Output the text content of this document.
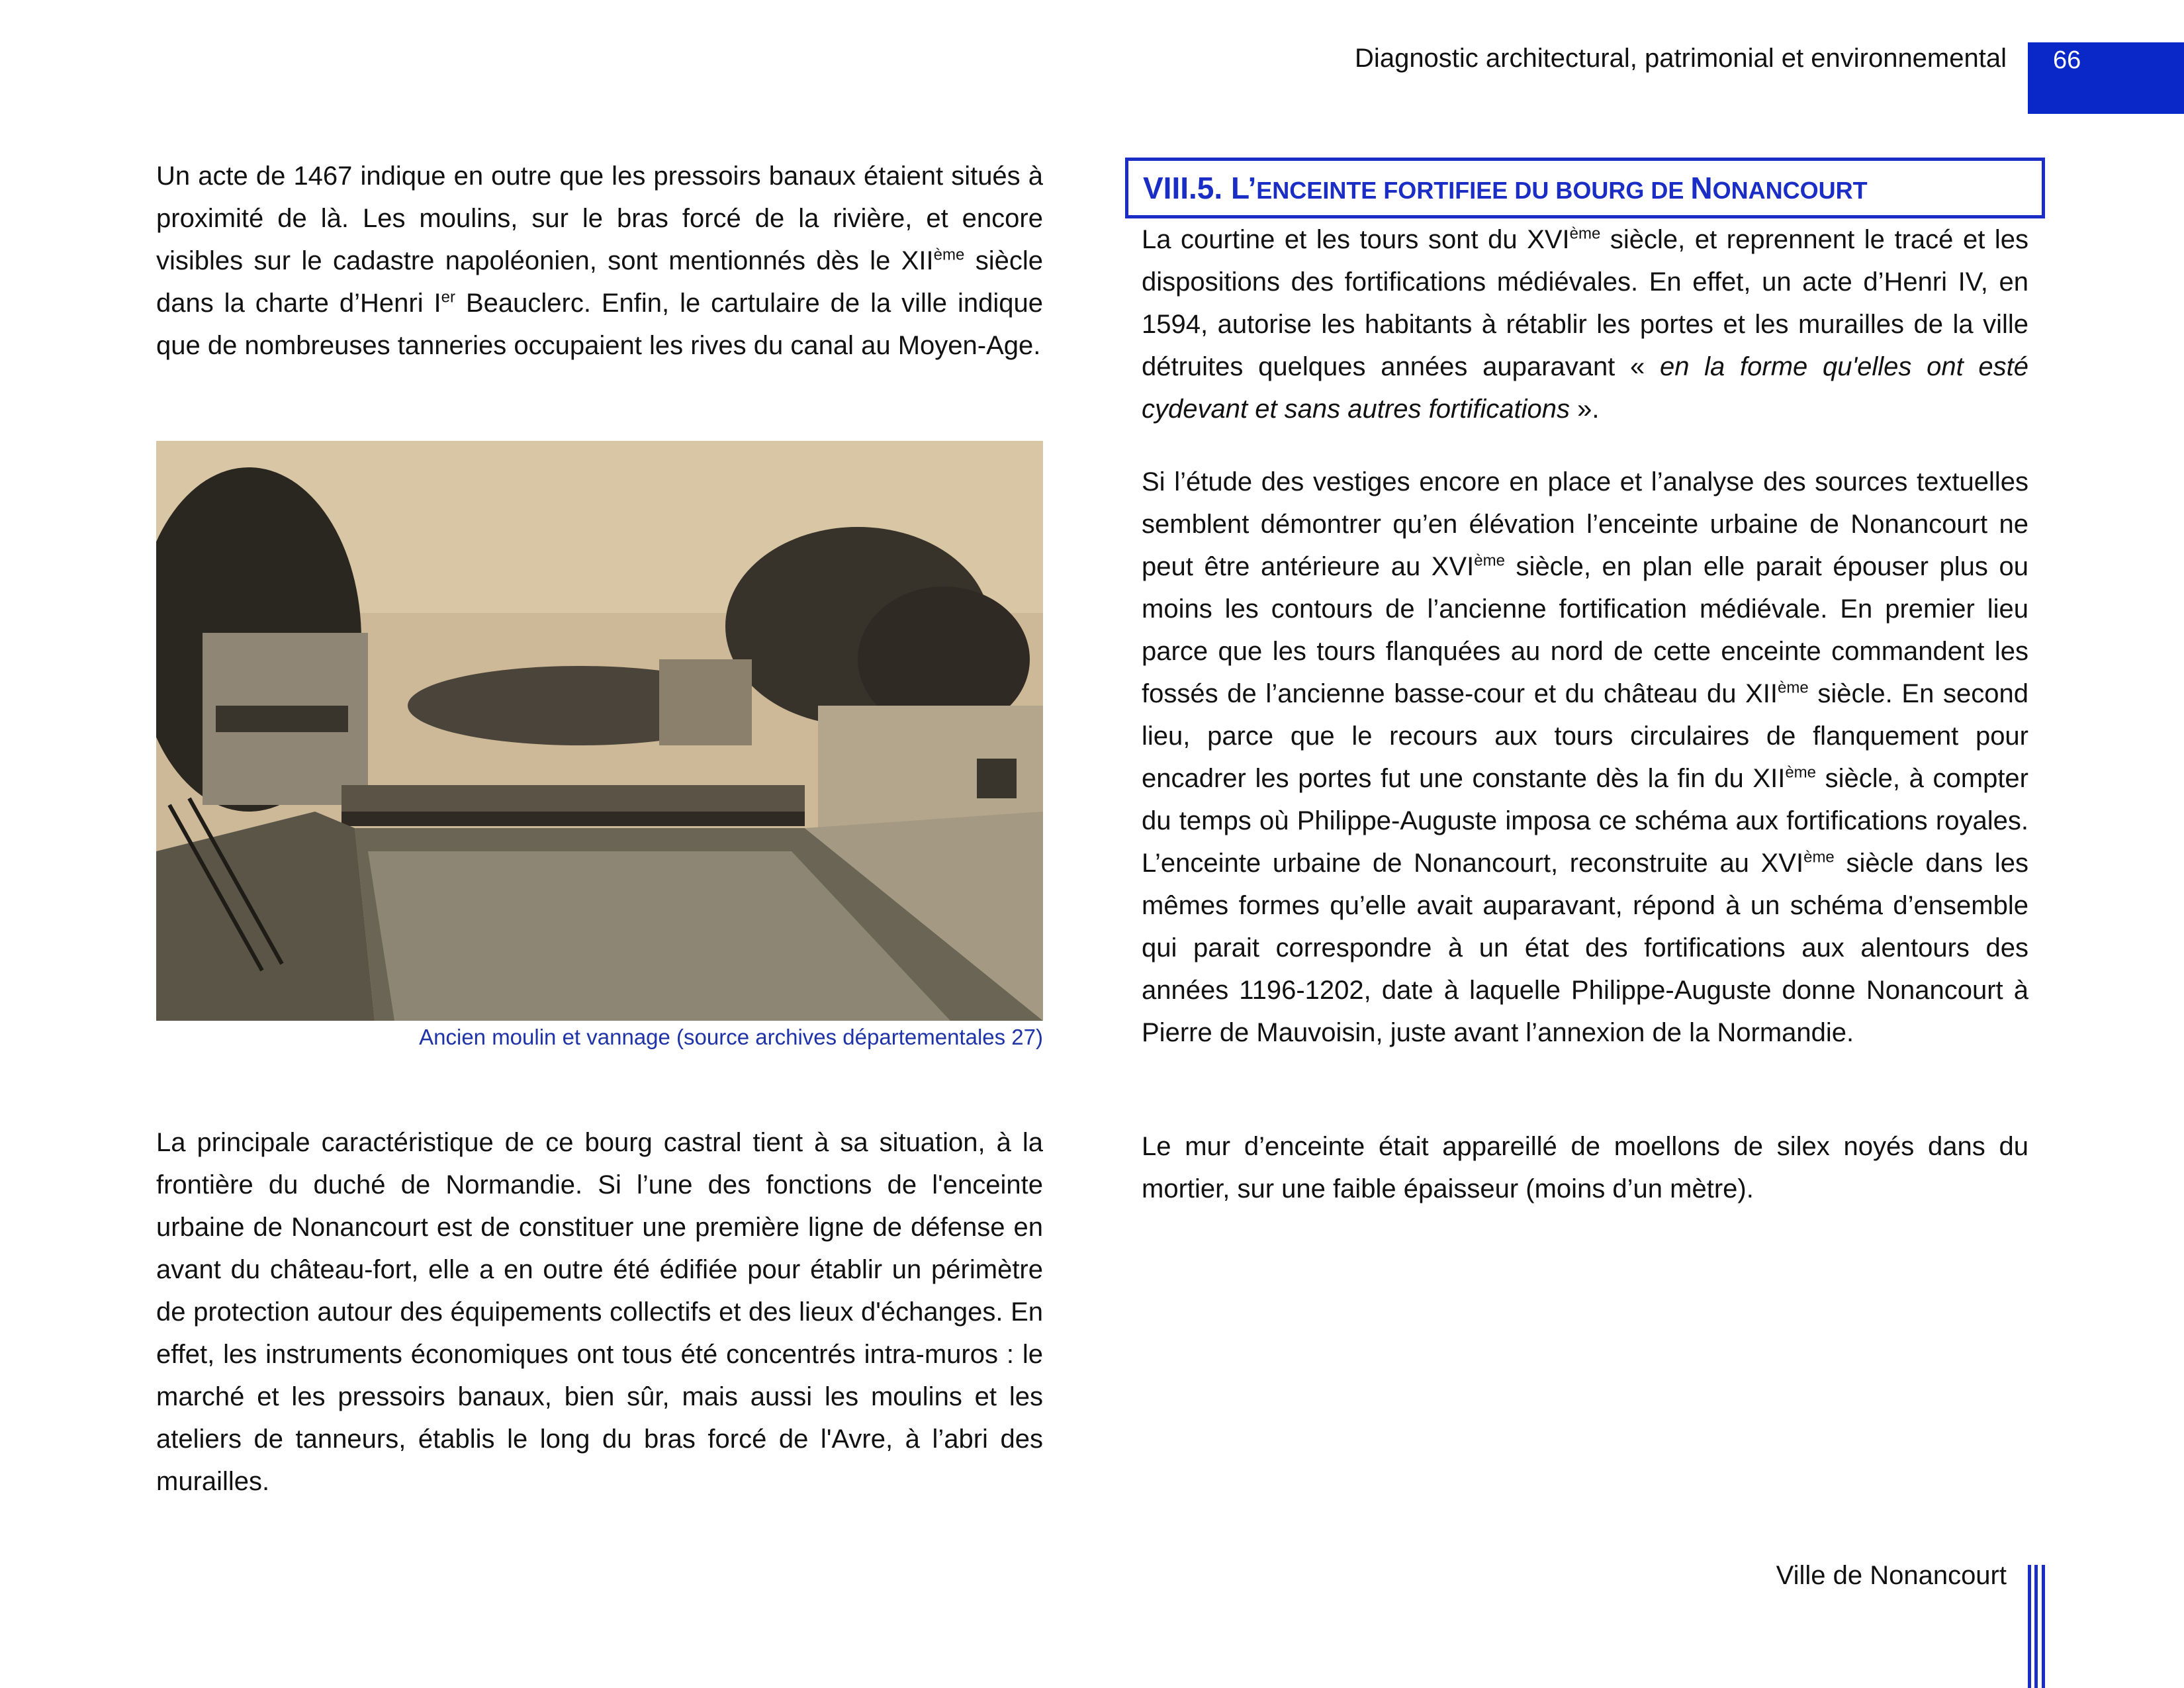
Diagnostic architectural, patrimonial et environnemental	66

Un acte de 1467 indique en outre que les pressoirs banaux étaient situés à proximité de là. Les moulins, sur le bras forcé de la rivière, et encore visibles sur le cadastre napoléonien, sont mentionnés dès le XIIème siècle dans la charte d’Henri Ier Beauclerc. Enfin, le cartulaire de la ville indique que de nombreuses tanneries occupaient les rives du canal au Moyen-Age.

Ancien moulin et vannage (source archives départementales 27)

La principale caractéristique de ce bourg castral tient à sa situation, à la frontière du duché de Normandie. Si l’une des fonctions de l'enceinte urbaine de Nonancourt est de constituer une première ligne de défense en avant du château-fort, elle a en outre été édifiée pour établir un périmètre de protection autour des équipements collectifs et des lieux d'échanges. En effet, les instruments économiques ont tous été concentrés intra-muros : le marché et les pressoirs banaux, bien sûr, mais aussi les moulins et les ateliers de tanneurs, établis le long du bras forcé de l'Avre, à l’abri des murailles.

VIII.5. L’ENCEINTE FORTIFIEE DU BOURG DE NONANCOURT

La courtine et les tours sont du XVIème siècle, et reprennent le tracé et les dispositions des fortifications médiévales. En effet, un acte d’Henri IV, en 1594, autorise les habitants à rétablir les portes et les murailles de la ville détruites quelques années auparavant « en la forme qu'elles ont esté cydevant et sans autres fortifications ».

Si l’étude des vestiges encore en place et l’analyse des sources textuelles semblent démontrer qu’en élévation l’enceinte urbaine de Nonancourt ne peut être antérieure au XVIème siècle, en plan elle parait épouser plus ou moins les contours de l’ancienne fortification médiévale. En premier lieu parce que les tours flanquées au nord de cette enceinte commandent les fossés de l’ancienne basse-cour et du château du XIIème siècle. En second lieu, parce que le recours aux tours circulaires de flanquement pour encadrer les portes fut une constante dès la fin du XIIème siècle, à compter du temps où Philippe-Auguste imposa ce schéma aux fortifications royales. L’enceinte urbaine de Nonancourt, reconstruite au XVIème siècle dans les mêmes formes qu’elle avait auparavant, répond à un schéma d’ensemble qui parait correspondre à un état des fortifications aux alentours des années 1196-1202, date à laquelle Philippe-Auguste donne Nonancourt à Pierre de Mauvoisin, juste avant l’annexion de la Normandie.

Le mur d’enceinte était appareillé de moellons de silex noyés dans du mortier, sur une faible épaisseur (moins d’un mètre).

Ville de Nonancourt
